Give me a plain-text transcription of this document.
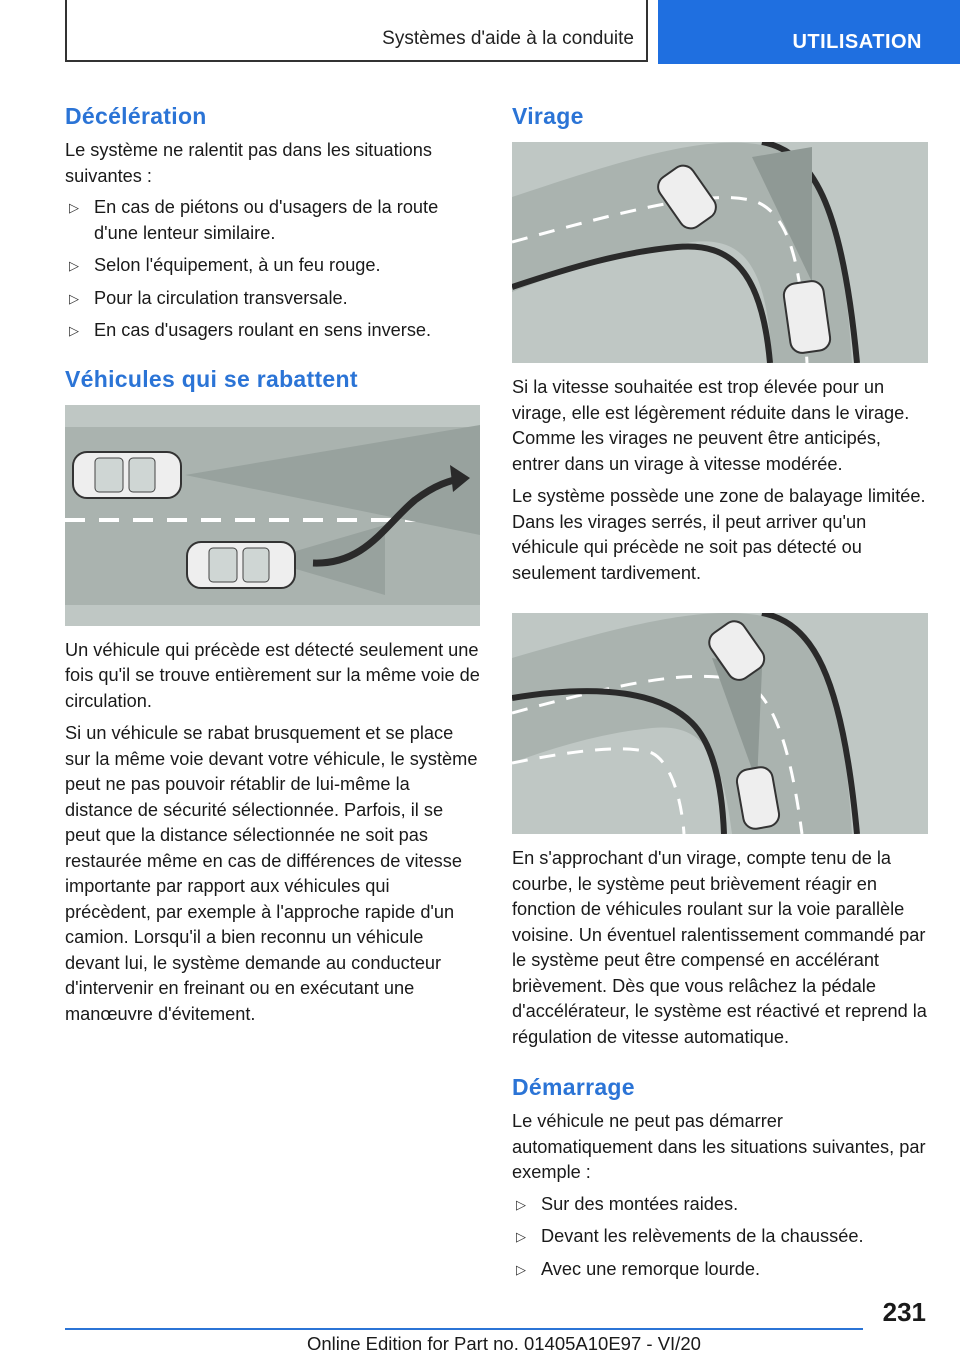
Systèmes d'aide à la conduite	UTILISATION
Décélération

Le système ne ralentit pas dans les situations suivantes :

▷ En cas de piétons ou d'usagers de la route d'une lenteur similaire.
▷ Selon l'équipement, à un feu rouge.
▷ Pour la circulation transversale.
▷ En cas d'usagers roulant en sens inverse.
Véhicules qui se rabattent

Un véhicule qui précède est détecté seulement une fois qu'il se trouve entièrement sur la même voie de circulation.

Si un véhicule se rabat brusquement et se place sur la même voie devant votre véhicule, le système peut ne pas pouvoir rétablir de lui-même la distance de sécurité sélectionnée. Parfois, il se peut que la distance sélectionnée ne soit pas restaurée même en cas de différences de vitesse importante par rapport aux véhicules qui précèdent, par exemple à l'approche rapide d'un camion. Lorsqu'il a bien reconnu un véhicule devant lui, le système demande au conducteur d'intervenir en freinant ou en exécutant une manœuvre d'évitement.

Virage

Si la vitesse souhaitée est trop élevée pour un virage, elle est légèrement réduite dans le virage. Comme les virages ne peuvent être anticipés, entrer dans un virage à vitesse modérée.

Le système possède une zone de balayage limitée. Dans les virages serrés, il peut arriver qu'un véhicule qui précède ne soit pas détecté ou seulement tardivement.

En s'approchant d'un virage, compte tenu de la courbe, le système peut brièvement réagir en fonction de véhicules roulant sur la voie parallèle voisine. Un éventuel ralentissement commandé par le système peut être compensé en accélérant brièvement. Dès que vous relâchez la pédale d'accélérateur, le système est réactivé et reprend la régulation de vitesse automatique.

Démarrage

Le véhicule ne peut pas démarrer automatiquement dans les situations suivantes, par exemple :

▷ Sur des montées raides.
▷ Devant les relèvements de la chaussée.
▷ Avec une remorque lourde.
231
Online Edition for Part no. 01405A10E97 - VI/20
